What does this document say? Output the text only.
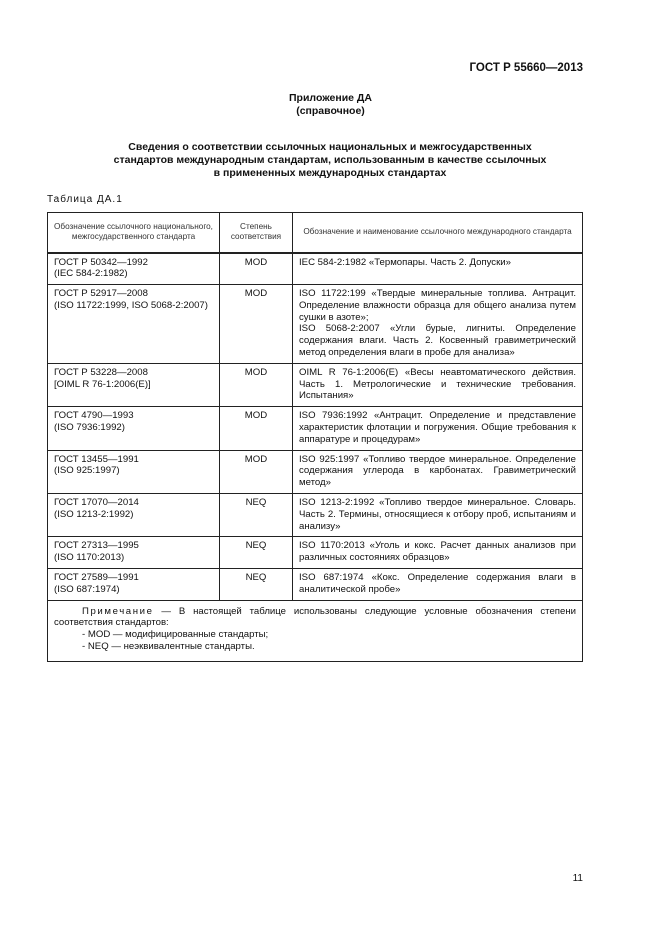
ГОСТ Р 55660—2013
Приложение ДА
(справочное)
Сведения о соответствии ссылочных национальных и межгосударственных
стандартов международным стандартам, использованным в качестве ссылочных
в примененных международных стандартах
Таблица ДА.1
Обозначение ссылочного национального, межгосударственного стандарта	Степень соответствия	Обозначение и наименование ссылочного международного стандарта

ГОСТ Р 50342—1992
(IEC 584-2:1982)	MOD	IEC 584-2:1982 «Термопары. Часть 2. Допуски»

ГОСТ Р 52917—2008
(ISO 11722:1999, ISO 5068-2:2007)	MOD	ISO 11722:199 «Твердые минеральные топлива. Антрацит. Определение влажности образца для общего анализа путем сушки в азоте»;
ISO 5068-2:2007 «Угли бурые, лигниты. Определение содержания влаги. Часть 2. Косвенный гравиметрический метод определения влаги в пробе для анализа»

ГОСТ Р 53228—2008
[OIML R 76-1:2006(E)]	MOD	OIML R 76-1:2006(E) «Весы неавтоматического действия. Часть 1. Метрологические и технические требования. Испытания»

ГОСТ 4790—1993
(ISO 7936:1992)	MOD	ISO 7936:1992 «Антрацит. Определение и представление характеристик флотации и погружения. Общие требования к аппаратуре и процедурам»

ГОСТ 13455—1991
(ISO 925:1997)	MOD	ISO 925:1997 «Топливо твердое минеральное. Определение содержания углерода в карбонатах. Гравиметрический метод»

ГОСТ 17070—2014
(ISO 1213-2:1992)	NEQ	ISO 1213-2:1992 «Топливо твердое минеральное. Словарь. Часть 2. Термины, относящиеся к отбору проб, испытаниям и анализу»

ГОСТ 27313—1995
(ISO 1170:2013)	NEQ	ISO 1170:2013 «Уголь и кокс. Расчет данных анализов при различных состояниях образцов»

ГОСТ 27589—1991
(ISO 687:1974)	NEQ	ISO 687:1974 «Кокс. Определение содержания влаги в аналитической пробе»

Примечание — В настоящей таблице использованы следующие условные обозначения степени соответствия стандартов:
- MOD — модифицированные стандарты;
- NEQ — неэквивалентные стандарты.		
11
